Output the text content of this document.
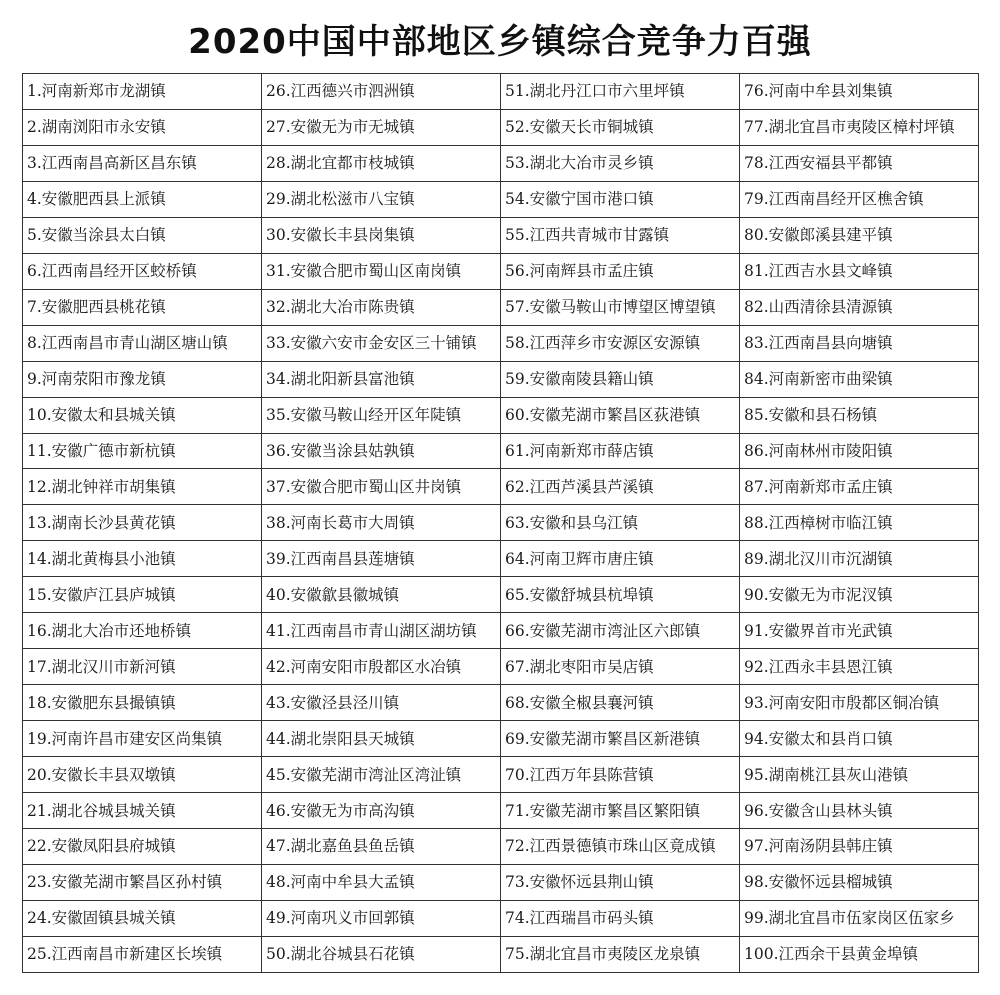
2020中国中部地区乡镇综合竞争力百强
1.河南新郑市龙湖镇	26.江西德兴市泗洲镇	51.湖北丹江口市六里坪镇	76.河南中牟县刘集镇
2.湖南浏阳市永安镇	27.安徽无为市无城镇	52.安徽天长市铜城镇	77.湖北宜昌市夷陵区樟村坪镇
3.江西南昌高新区昌东镇	28.湖北宜都市枝城镇	53.湖北大冶市灵乡镇	78.江西安福县平都镇
4.安徽肥西县上派镇	29.湖北松滋市八宝镇	54.安徽宁国市港口镇	79.江西南昌经开区樵舍镇
5.安徽当涂县太白镇	30.安徽长丰县岗集镇	55.江西共青城市甘露镇	80.安徽郎溪县建平镇
6.江西南昌经开区蛟桥镇	31.安徽合肥市蜀山区南岗镇	56.河南辉县市孟庄镇	81.江西吉水县文峰镇
7.安徽肥西县桃花镇	32.湖北大冶市陈贵镇	57.安徽马鞍山市博望区博望镇	82.山西清徐县清源镇
8.江西南昌市青山湖区塘山镇	33.安徽六安市金安区三十铺镇	58.江西萍乡市安源区安源镇	83.江西南昌县向塘镇
9.河南荥阳市豫龙镇	34.湖北阳新县富池镇	59.安徽南陵县籍山镇	84.河南新密市曲梁镇
10.安徽太和县城关镇	35.安徽马鞍山经开区年陡镇	60.安徽芜湖市繁昌区荻港镇	85.安徽和县石杨镇
11.安徽广德市新杭镇	36.安徽当涂县姑孰镇	61.河南新郑市薛店镇	86.河南林州市陵阳镇
12.湖北钟祥市胡集镇	37.安徽合肥市蜀山区井岗镇	62.江西芦溪县芦溪镇	87.河南新郑市孟庄镇
13.湖南长沙县黄花镇	38.河南长葛市大周镇	63.安徽和县乌江镇	88.江西樟树市临江镇
14.湖北黄梅县小池镇	39.江西南昌县莲塘镇	64.河南卫辉市唐庄镇	89.湖北汉川市沉湖镇
15.安徽庐江县庐城镇	40.安徽歙县徽城镇	65.安徽舒城县杭埠镇	90.安徽无为市泥汊镇
16.湖北大冶市还地桥镇	41.江西南昌市青山湖区湖坊镇	66.安徽芜湖市湾沚区六郎镇	91.安徽界首市光武镇
17.湖北汉川市新河镇	42.河南安阳市殷都区水冶镇	67.湖北枣阳市吴店镇	92.江西永丰县恩江镇
18.安徽肥东县撮镇镇	43.安徽泾县泾川镇	68.安徽全椒县襄河镇	93.河南安阳市殷都区铜冶镇
19.河南许昌市建安区尚集镇	44.湖北崇阳县天城镇	69.安徽芜湖市繁昌区新港镇	94.安徽太和县肖口镇
20.安徽长丰县双墩镇	45.安徽芜湖市湾沚区湾沚镇	70.江西万年县陈营镇	95.湖南桃江县灰山港镇
21.湖北谷城县城关镇	46.安徽无为市高沟镇	71.安徽芜湖市繁昌区繁阳镇	96.安徽含山县林头镇
22.安徽凤阳县府城镇	47.湖北嘉鱼县鱼岳镇	72.江西景德镇市珠山区竟成镇	97.河南汤阴县韩庄镇
23.安徽芜湖市繁昌区孙村镇	48.河南中牟县大孟镇	73.安徽怀远县荆山镇	98.安徽怀远县榴城镇
24.安徽固镇县城关镇	49.河南巩义市回郭镇	74.江西瑞昌市码头镇	99.湖北宜昌市伍家岗区伍家乡
25.江西南昌市新建区长埃镇	50.湖北谷城县石花镇	75.湖北宜昌市夷陵区龙泉镇	100.江西余干县黄金埠镇
